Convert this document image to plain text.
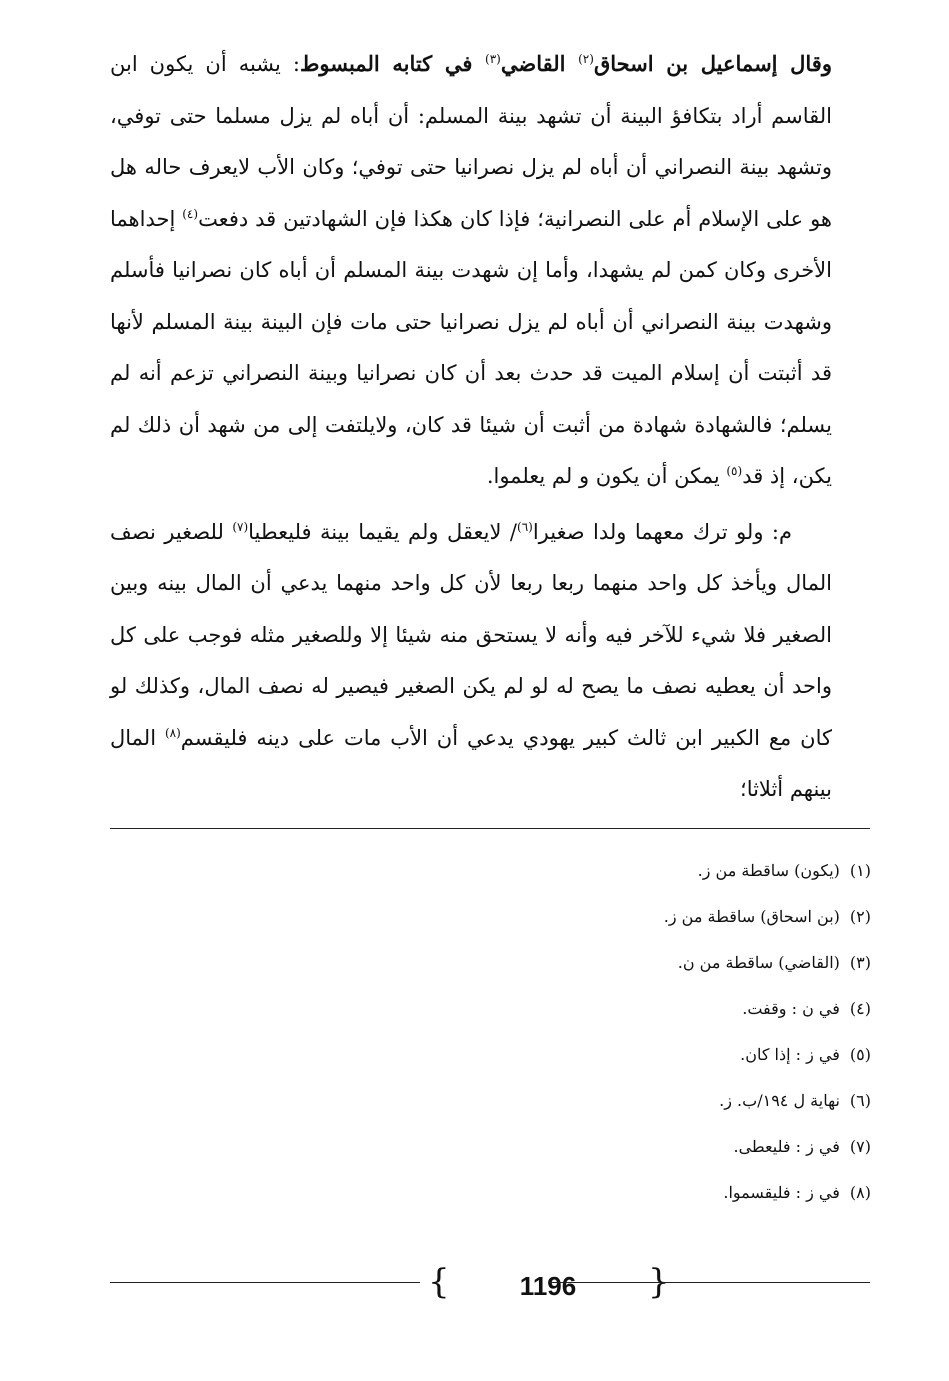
وقال إسماعيل بن اسحاق$^{(٢)}$ القاضي$^{(٣)}$ في كتابه المبسوط: يشبه أن يكون ابن القاسم أراد بتكافؤ البينة أن تشهد بينة المسلم: أن أباه لم يزل مسلما حتى توفي، وتشهد بينة النصراني أن أباه لم يزل نصرانيا حتى توفي؛ وكان الأب لايعرف حاله هل هو على الإسلام أم على النصرانية؛ فإذا كان هكذا فإن الشهادتين قد دفعت$^{(٤)}$ إحداهما الأخرى وكان كمن لم يشهدا، وأما إن شهدت بينة المسلم أن أباه كان نصرانيا فأسلم وشهدت بينة النصراني أن أباه لم يزل نصرانيا حتى مات فإن البينة بينة المسلم لأنها قد أثبتت أن إسلام الميت قد حدث بعد أن كان نصرانيا وبينة النصراني تزعم أنه لم يسلم؛ فالشهادة شهادة من أثبت أن شيئا قد كان، ولايلتفت إلى من شهد أن ذلك لم يكن، إذ قد$^{(٥)}$ يمكن أن يكون و لم يعلموا.

م: ولو ترك معهما ولدا صغيرا$^{(٦)}$/ لايعقل ولم يقيما بينة فليعطيا$^{(٧)}$ للصغير نصف المال ويأخذ كل واحد منهما ربعا ربعا لأن كل واحد منهما يدعي أن المال بينه وبين الصغير فلا شيء للآخر فيه وأنه لا يستحق منه شيئا إلا وللصغير مثله فوجب على كل واحد أن يعطيه نصف ما يصح له لو لم يكن الصغير فيصير له نصف المال، وكذلك لو كان مع الكبير ابن ثالث كبير يهودي يدعي أن الأب مات على دينه فليقسم$^{(٨)}$ المال بينهم أثلاثا؛

(١)(يكون) ساقطة من ز.
(٢)(بن اسحاق) ساقطة من ز.
(٣)(القاضي) ساقطة من ن.
(٤)في ن : وقفت.
(٥)في ز : إذا كان.
(٦)نهاية ل ١٩٤/ب. ز.
(٧)في ز : فليعطى.
(٨)في ز : فليقسموا.
{	1196	}
